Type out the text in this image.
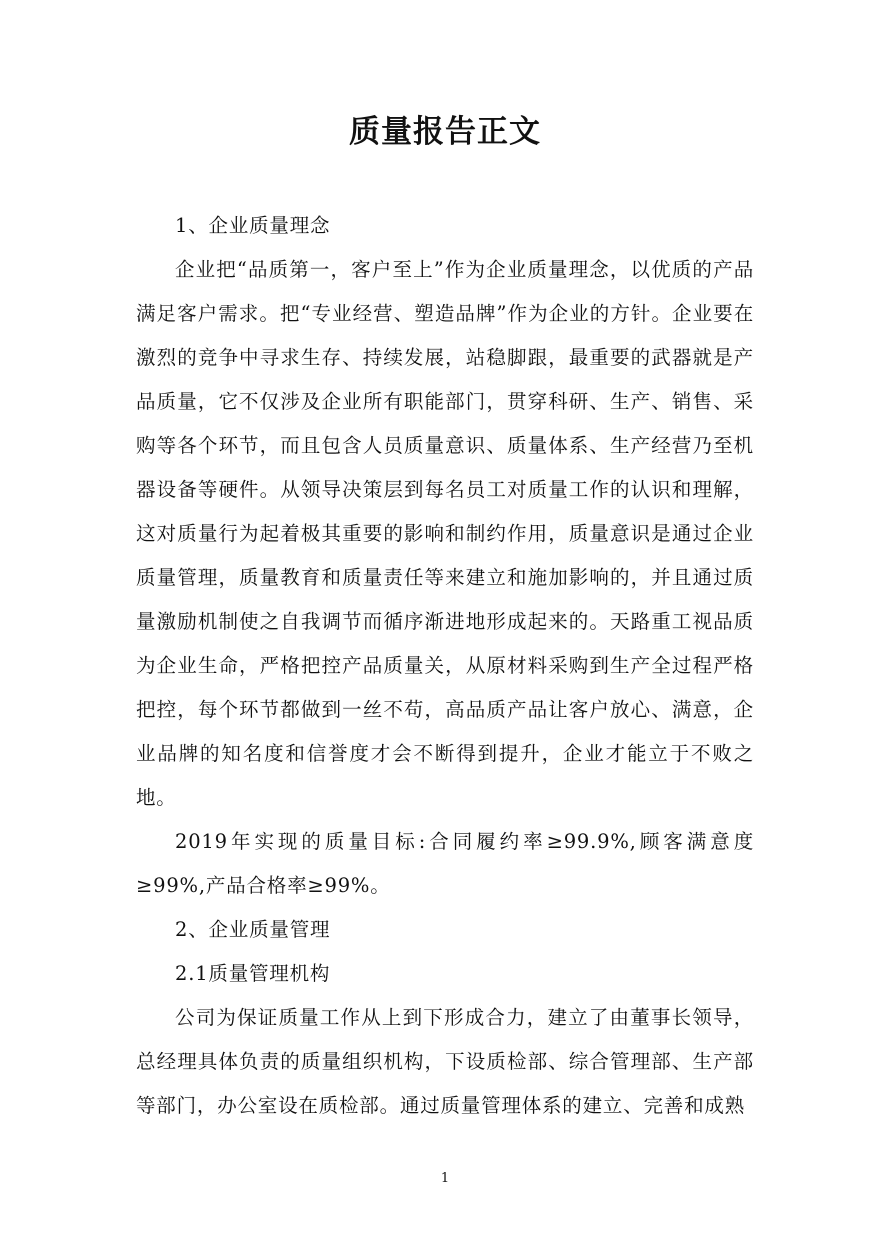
质量报告正文

1、企业质量理念

企业把“品质第一，客户至上”作为企业质量理念，以优质的产品满足客户需求。把“专业经营、塑造品牌”作为企业的方针。企业要在激烈的竞争中寻求生存、持续发展，站稳脚跟，最重要的武器就是产品质量，它不仅涉及企业所有职能部门，贯穿科研、生产、销售、采购等各个环节，而且包含人员质量意识、质量体系、生产经营乃至机器设备等硬件。从领导决策层到每名员工对质量工作的认识和理解，这对质量行为起着极其重要的影响和制约作用，质量意识是通过企业质量管理，质量教育和质量责任等来建立和施加影响的，并且通过质量激励机制使之自我调节而循序渐进地形成起来的。天路重工视品质为企业生命，严格把控产品质量关，从原材料采购到生产全过程严格把控，每个环节都做到一丝不苟，高品质产品让客户放心、满意，企业品牌的知名度和信誉度才会不断得到提升，企业才能立于不败之地。

2019年实现的质量目标:合同履约率≥99.9%,顾客满意度≥99%,产品合格率≥99%。

2、企业质量管理

2.1质量管理机构

公司为保证质量工作从上到下形成合力，建立了由董事长领导，总经理具体负责的质量组织机构，下设质检部、综合管理部、生产部等部门，办公室设在质检部。通过质量管理体系的建立、完善和成熟

1
